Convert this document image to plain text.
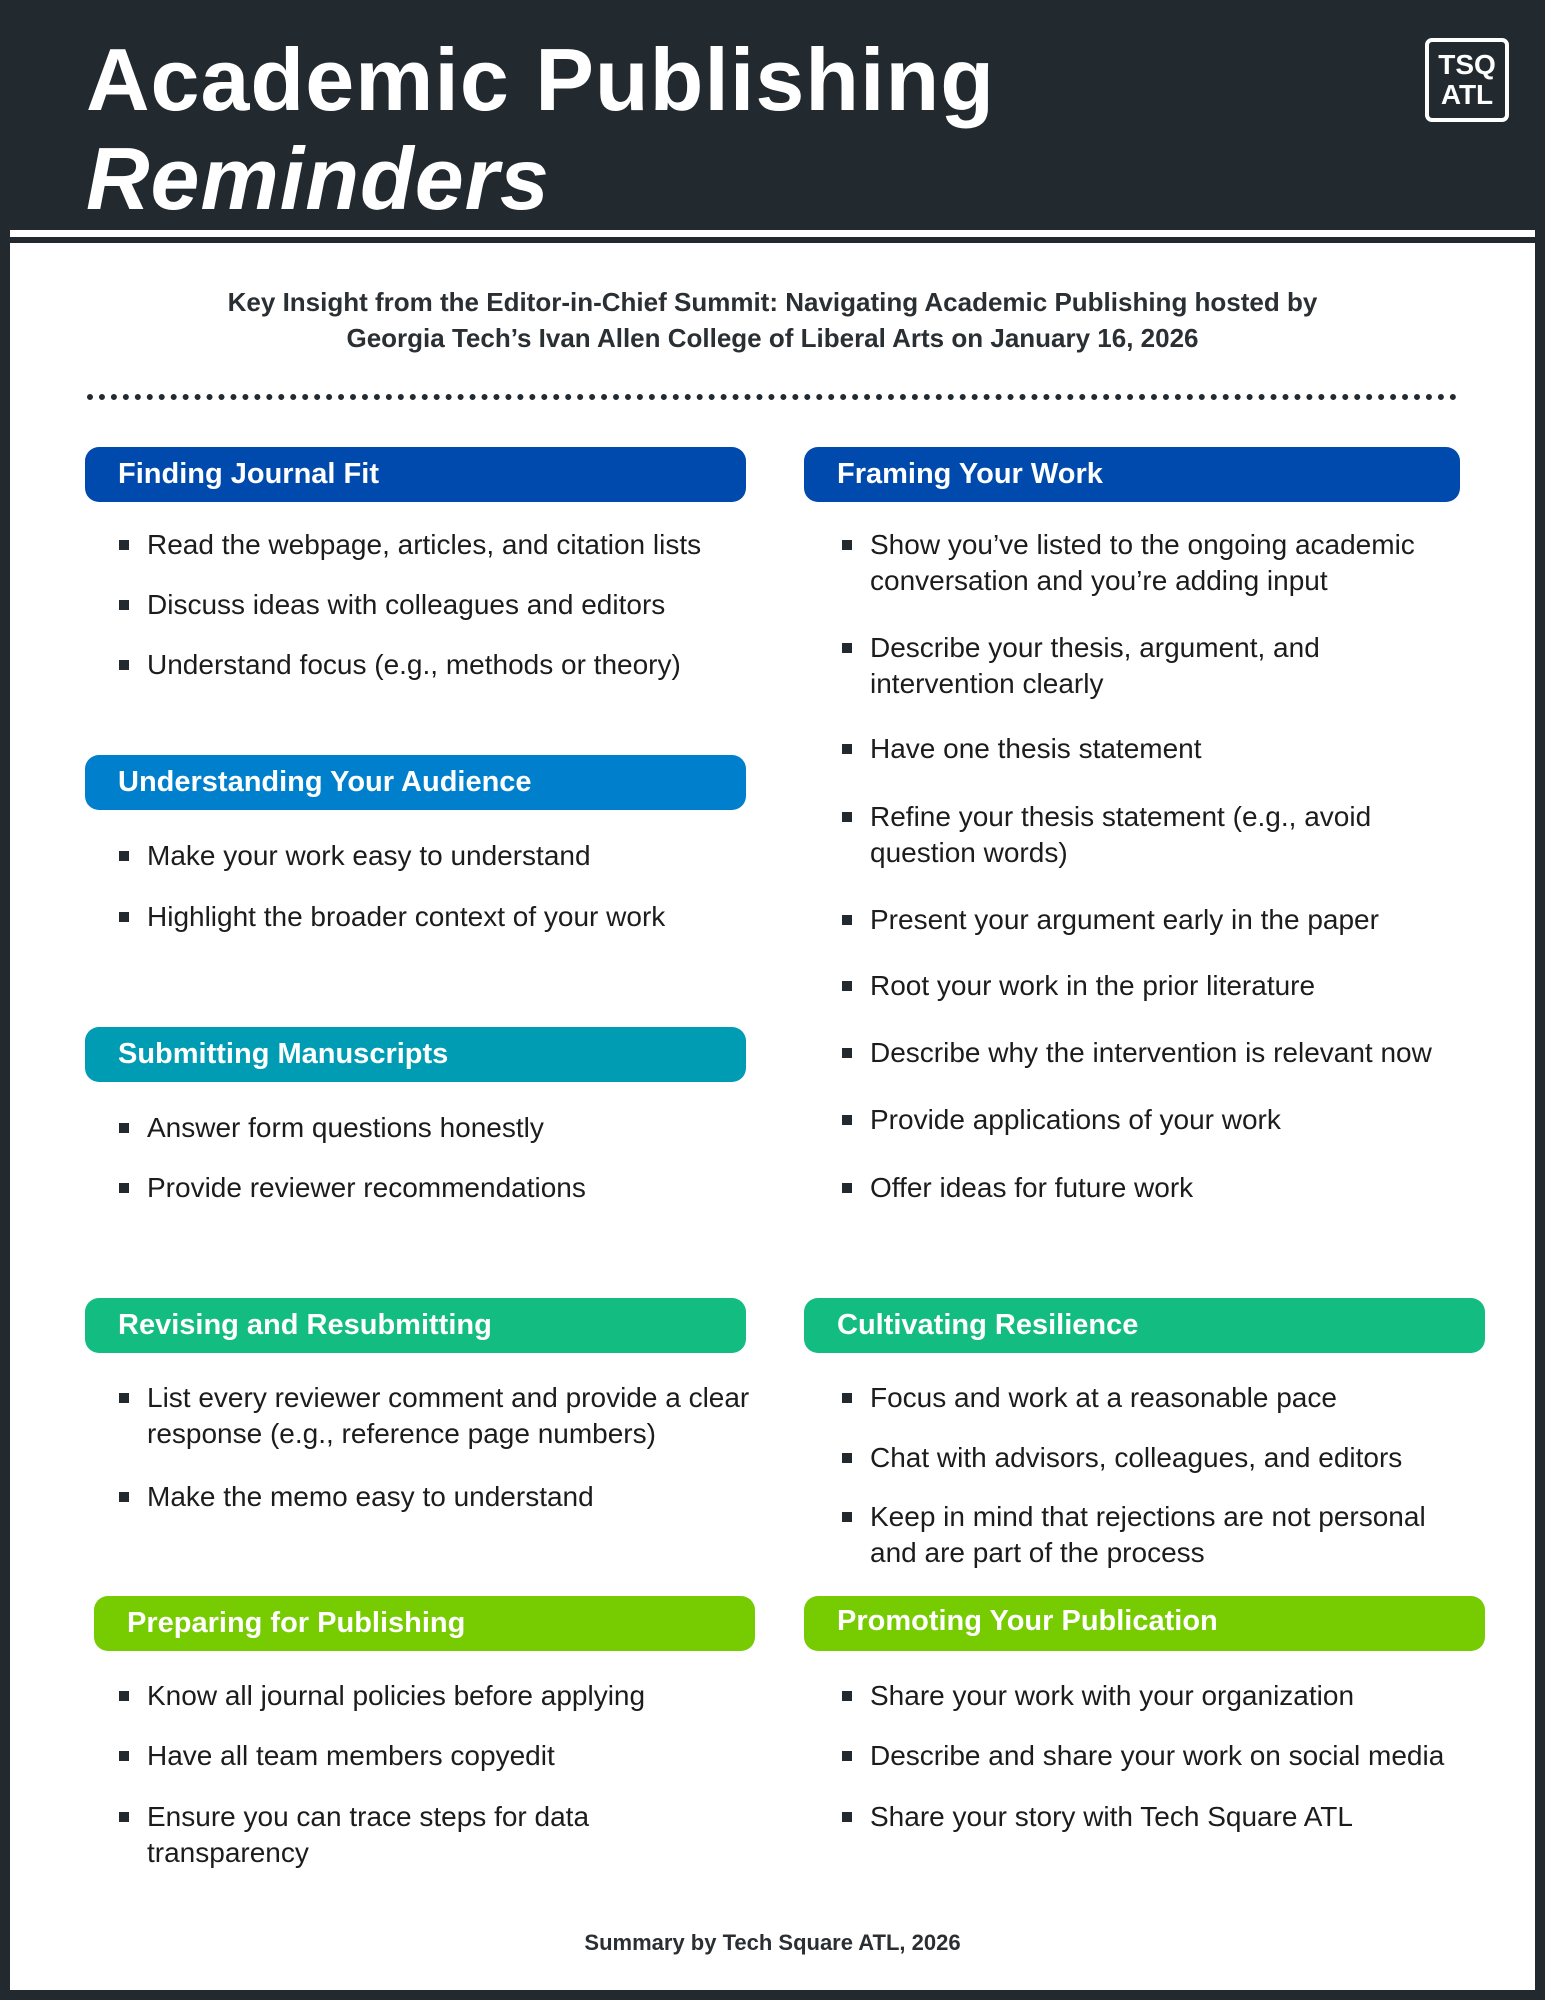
Academic Publishing
Reminders
TSQ
ATL
Key Insight from the Editor-in-Chief Summit: Navigating Academic Publishing hosted by
Georgia Tech’s Ivan Allen College of Liberal Arts on January 16, 2026
Finding Journal Fit
Read the webpage, articles, and citation lists
Discuss ideas with colleagues and editors
Understand focus (e.g., methods or theory)
Understanding Your Audience
Make your work easy to understand
Highlight the broader context of your work
Submitting Manuscripts
Answer form questions honestly
Provide reviewer recommendations
Revising and Resubmitting
List every reviewer comment and provide a clear response (e.g., reference page numbers)
Make the memo easy to understand
Preparing for Publishing
Know all journal policies before applying
Have all team members copyedit
Ensure you can trace steps for data transparency
Framing Your Work
Show you’ve listed to the ongoing academic conversation and you’re adding input
Describe your thesis, argument, and intervention clearly
Have one thesis statement
Refine your thesis statement (e.g., avoid question words)
Present your argument early in the paper
Root your work in the prior literature
Describe why the intervention is relevant now
Provide applications of your work
Offer ideas for future work
Cultivating Resilience
Focus and work at a reasonable pace
Chat with advisors, colleagues, and editors
Keep in mind that rejections are not personal and are part of the process
Promoting Your Publication
Share your work with your organization
Describe and share your work on social media
Share your story with Tech Square ATL
Summary by Tech Square ATL, 2026
